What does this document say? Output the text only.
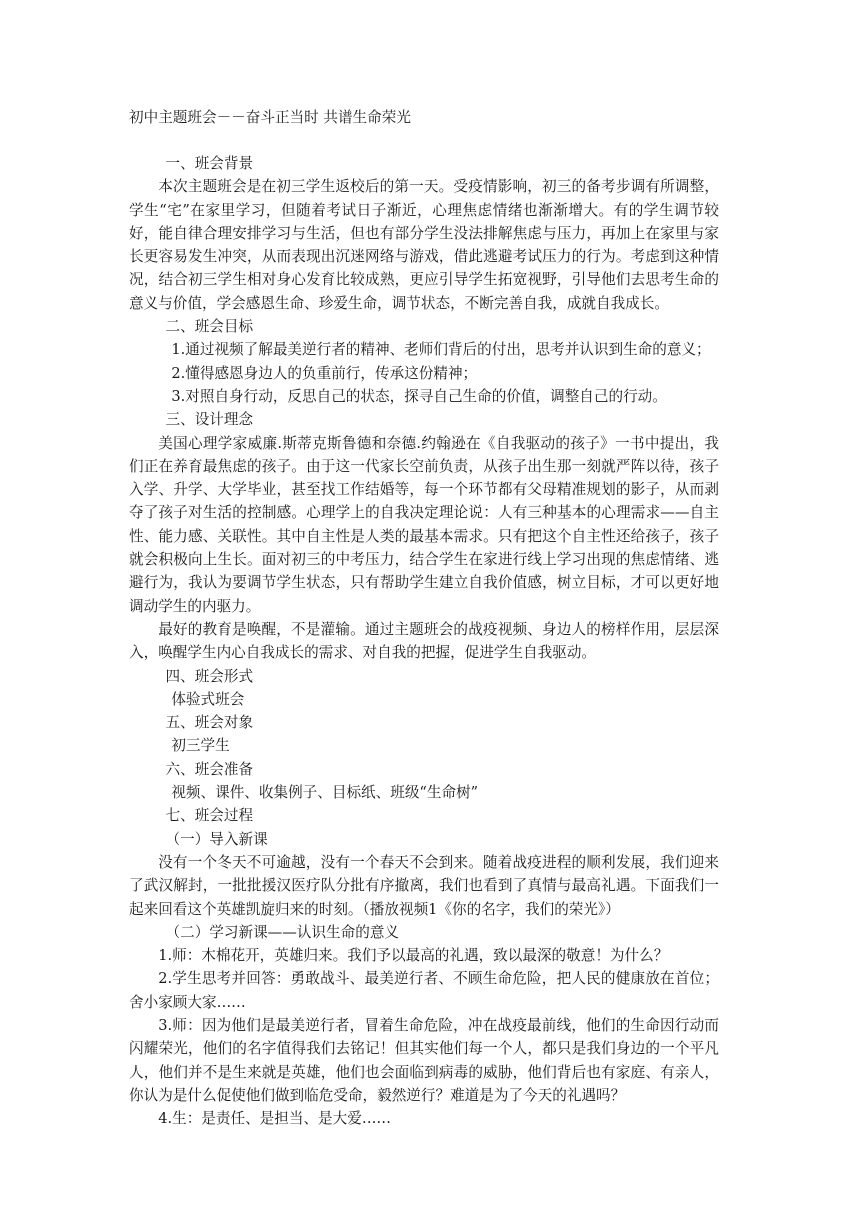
初中主题班会－－奋斗正当时 共谱生命荣光

一、班会背景

本次主题班会是在初三学生返校后的第一天。受疫情影响，初三的备考步调有所调整，学生“宅”在家里学习，但随着考试日子渐近，心理焦虑情绪也渐渐增大。有的学生调节较好，能自律合理安排学习与生活，但也有部分学生没法排解焦虑与压力，再加上在家里与家长更容易发生冲突，从而表现出沉迷网络与游戏，借此逃避考试压力的行为。考虑到这种情况，结合初三学生相对身心发育比较成熟，更应引导学生拓宽视野，引导他们去思考生命的意义与价值，学会感恩生命、珍爱生命，调节状态，不断完善自我，成就自我成长。

二、班会目标

1.通过视频了解最美逆行者的精神、老师们背后的付出，思考并认识到生命的意义；

2.懂得感恩身边人的负重前行，传承这份精神；

3.对照自身行动，反思自己的状态，探寻自己生命的价值，调整自己的行动。

三、设计理念

美国心理学家威廉.斯蒂克斯鲁德和奈德.约翰逊在《自我驱动的孩子》一书中提出，我们正在养育最焦虑的孩子。由于这一代家长空前负责，从孩子出生那一刻就严阵以待，孩子入学、升学、大学毕业，甚至找工作结婚等，每一个环节都有父母精准规划的影子，从而剥夺了孩子对生活的控制感。心理学上的自我决定理论说：人有三种基本的心理需求——自主性、能力感、关联性。其中自主性是人类的最基本需求。只有把这个自主性还给孩子，孩子就会积极向上生长。面对初三的中考压力，结合学生在家进行线上学习出现的焦虑情绪、逃避行为，我认为要调节学生状态，只有帮助学生建立自我价值感，树立目标，才可以更好地调动学生的内驱力。

最好的教育是唤醒，不是灌输。通过主题班会的战疫视频、身边人的榜样作用，层层深入，唤醒学生内心自我成长的需求、对自我的把握，促进学生自我驱动。

四、班会形式

体验式班会

五、班会对象

初三学生

六、班会准备

视频、课件、收集例子、目标纸、班级“生命树”

七、班会过程

（一）导入新课

没有一个冬天不可逾越，没有一个春天不会到来。随着战疫进程的顺利发展，我们迎来了武汉解封，一批批援汉医疗队分批有序撤离，我们也看到了真情与最高礼遇。下面我们一起来回看这个英雄凯旋归来的时刻。（播放视频1《你的名字，我们的荣光》）

（二）学习新课——认识生命的意义

1.师：木棉花开，英雄归来。我们予以最高的礼遇，致以最深的敬意！为什么？

2.学生思考并回答：勇敢战斗、最美逆行者、不顾生命危险，把人民的健康放在首位；舍小家顾大家……

3.师：因为他们是最美逆行者，冒着生命危险，冲在战疫最前线，他们的生命因行动而闪耀荣光，他们的名字值得我们去铭记！但其实他们每一个人，都只是我们身边的一个平凡人，他们并不是生来就是英雄，他们也会面临到病毒的威胁，他们背后也有家庭、有亲人，你认为是什么促使他们做到临危受命，毅然逆行？难道是为了今天的礼遇吗？

4.生：是责任、是担当、是大爱……
